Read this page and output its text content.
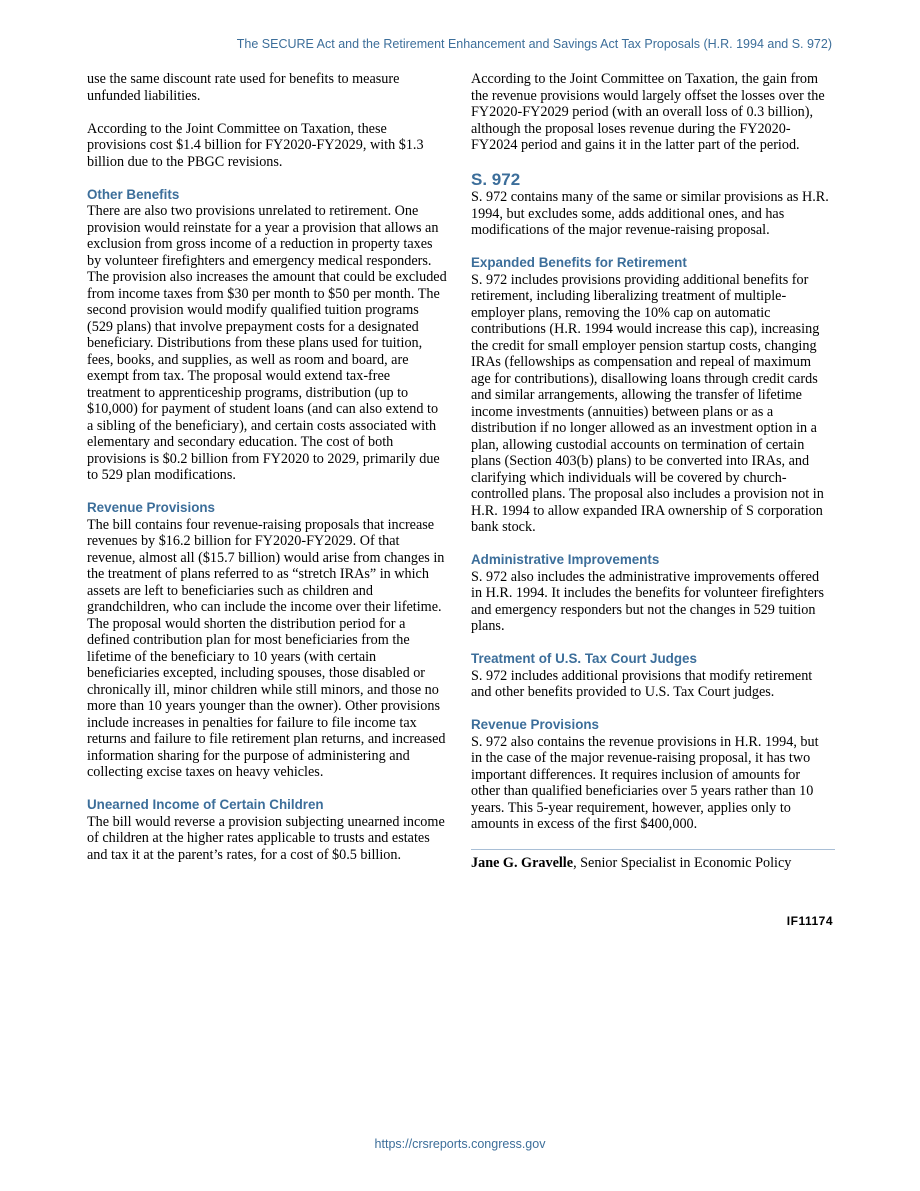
The SECURE Act and the Retirement Enhancement and Savings Act Tax Proposals (H.R. 1994 and S. 972)

use the same discount rate used for benefits to measure unfunded liabilities.

According to the Joint Committee on Taxation, these provisions cost $1.4 billion for FY2020-FY2029, with $1.3 billion due to the PBGC revisions.

Other Benefits

There are also two provisions unrelated to retirement. One provision would reinstate for a year a provision that allows an exclusion from gross income of a reduction in property taxes by volunteer firefighters and emergency medical responders. The provision also increases the amount that could be excluded from income taxes from $30 per month to $50 per month. The second provision would modify qualified tuition programs (529 plans) that involve prepayment costs for a designated beneficiary. Distributions from these plans used for tuition, fees, books, and supplies, as well as room and board, are exempt from tax. The proposal would extend tax-free treatment to apprenticeship programs, distribution (up to $10,000) for payment of student loans (and can also extend to a sibling of the beneficiary), and certain costs associated with elementary and secondary education. The cost of both provisions is $0.2 billion from FY2020 to 2029, primarily due to 529 plan modifications.

Revenue Provisions

The bill contains four revenue-raising proposals that increase revenues by $16.2 billion for FY2020-FY2029. Of that revenue, almost all ($15.7 billion) would arise from changes in the treatment of plans referred to as “stretch IRAs” in which assets are left to beneficiaries such as children and grandchildren, who can include the income over their lifetime. The proposal would shorten the distribution period for a defined contribution plan for most beneficiaries from the lifetime of the beneficiary to 10 years (with certain beneficiaries excepted, including spouses, those disabled or chronically ill, minor children while still minors, and those no more than 10 years younger than the owner). Other provisions include increases in penalties for failure to file income tax returns and failure to file retirement plan returns, and increased information sharing for the purpose of administering and collecting excise taxes on heavy vehicles.

Unearned Income of Certain Children

The bill would reverse a provision subjecting unearned income of children at the higher rates applicable to trusts and estates and tax it at the parent’s rates, for a cost of $0.5 billion.

According to the Joint Committee on Taxation, the gain from the revenue provisions would largely offset the losses over the FY2020-FY2029 period (with an overall loss of 0.3 billion), although the proposal loses revenue during the FY2020-FY2024 period and gains it in the latter part of the period.

S. 972

S. 972 contains many of the same or similar provisions as H.R. 1994, but excludes some, adds additional ones, and has modifications of the major revenue-raising proposal.

Expanded Benefits for Retirement

S. 972 includes provisions providing additional benefits for retirement, including liberalizing treatment of multiple-employer plans, removing the 10% cap on automatic contributions (H.R. 1994 would increase this cap), increasing the credit for small employer pension startup costs, changing IRAs (fellowships as compensation and repeal of maximum age for contributions), disallowing loans through credit cards and similar arrangements, allowing the transfer of lifetime income investments (annuities) between plans or as a distribution if no longer allowed as an investment option in a plan, allowing custodial accounts on termination of certain plans (Section 403(b) plans) to be converted into IRAs, and clarifying which individuals will be covered by church-controlled plans. The proposal also includes a provision not in H.R. 1994 to allow expanded IRA ownership of S corporation bank stock.

Administrative Improvements

S. 972 also includes the administrative improvements offered in H.R. 1994. It includes the benefits for volunteer firefighters and emergency responders but not the changes in 529 tuition plans.

Treatment of U.S. Tax Court Judges

S. 972 includes additional provisions that modify retirement and other benefits provided to U.S. Tax Court judges.

Revenue Provisions

S. 972 also contains the revenue provisions in H.R. 1994, but in the case of the major revenue-raising proposal, it has two important differences. It requires inclusion of amounts for other than qualified beneficiaries over 5 years rather than 10 years. This 5-year requirement, however, applies only to amounts in excess of the first $400,000.

Jane G. Gravelle, Senior Specialist in Economic Policy

IF11174
https://crsreports.congress.gov
